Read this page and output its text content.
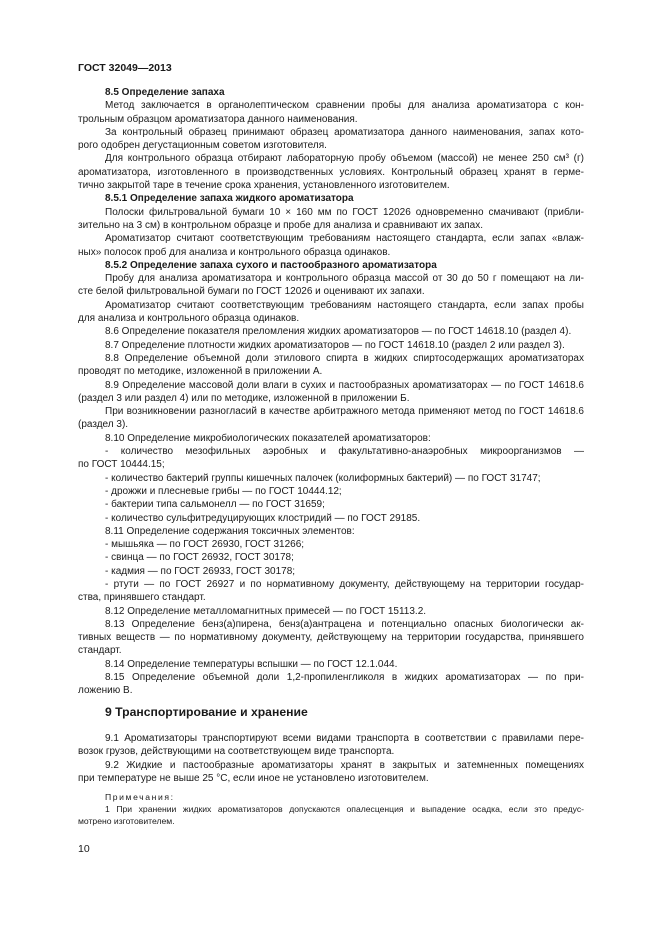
ГОСТ 32049—2013

8.5 Определение запаха

Метод заключается в органолептическом сравнении пробы для анализа ароматизатора с кон-

трольным образцом ароматизатора данного наименования.

За контрольный образец принимают образец ароматизатора данного наименования, запах кото-

рого одобрен дегустационным советом изготовителя.

Для контрольного образца отбирают лабораторную пробу объемом (массой) не менее 250 см³ (г)

ароматизатора, изготовленного в производственных условиях. Контрольный образец хранят в герме-

тично закрытой таре в течение срока хранения, установленного изготовителем.

8.5.1 Определение запаха жидкого ароматизатора

Полоски фильтровальной бумаги 10 × 160 мм по ГОСТ 12026 одновременно смачивают (прибли-

зительно на 3 см) в контрольном образце и пробе для анализа и сравнивают их запах.

Ароматизатор считают соответствующим требованиям настоящего стандарта, если запах «влаж-

ных» полосок проб для анализа и контрольного образца одинаков.

8.5.2 Определение запаха сухого и пастообразного ароматизатора

Пробу для анализа ароматизатора и контрольного образца массой от 30 до 50 г помещают на ли-

сте белой фильтровальной бумаги по ГОСТ 12026 и оценивают их запахи.

Ароматизатор считают соответствующим требованиям настоящего стандарта, если запах пробы

для анализа и контрольного образца одинаков.

8.6 Определение показателя преломления жидких ароматизаторов — по ГОСТ 14618.10 (раздел 4).

8.7 Определение плотности жидких ароматизаторов — по ГОСТ 14618.10 (раздел 2 или раздел 3).

8.8 Определение объемной доли этилового спирта в жидких спиртосодержащих ароматизаторах

проводят по методике, изложенной в приложении А.

8.9 Определение массовой доли влаги в сухих и пастообразных ароматизаторах — по ГОСТ 14618.6

(раздел 3 или раздел 4) или по методике, изложенной в приложении Б.

При возникновении разногласий в качестве арбитражного метода применяют метод по ГОСТ 14618.6

(раздел 3).

8.10 Определение микробиологических показателей ароматизаторов:

- количество мезофильных аэробных и факультативно-анаэробных микроорганизмов —

по ГОСТ 10444.15;

- количество бактерий группы кишечных палочек (колиформных бактерий) — по ГОСТ 31747;

- дрожжи и плесневые грибы — по ГОСТ 10444.12;

- бактерии типа сальмонелл — по ГОСТ 31659;

- количество сульфитредуцирующих клостридий — по ГОСТ 29185.

8.11 Определение содержания токсичных элементов:

- мышьяка — по ГОСТ 26930, ГОСТ 31266;

- свинца — по ГОСТ 26932, ГОСТ 30178;

- кадмия — по ГОСТ 26933, ГОСТ 30178;

- ртути — по ГОСТ 26927 и по нормативному документу, действующему на территории государ-

ства, принявшего стандарт.

8.12 Определение металломагнитных примесей — по ГОСТ 15113.2.

8.13 Определение бенз(а)пирена, бенз(а)антрацена и потенциально опасных биологически ак-

тивных веществ — по нормативному документу, действующему на территории государства, принявшего

стандарт.

8.14 Определение температуры вспышки — по ГОСТ 12.1.044.

8.15 Определение объемной доли 1,2-пропиленгликоля в жидких ароматизаторах — по при-

ложению В.

9 Транспортирование и хранение

9.1 Ароматизаторы транспортируют всеми видами транспорта в соответствии с правилами пере-

возок грузов, действующими на соответствующем виде транспорта.

9.2 Жидкие и пастообразные ароматизаторы хранят в закрытых и затемненных помещениях

при температуре не выше 25 °С, если иное не установлено изготовителем.

Примечания:

1 При хранении жидких ароматизаторов допускаются опалесценция и выпадение осадка, если это предус-

мотрено изготовителем.

10
